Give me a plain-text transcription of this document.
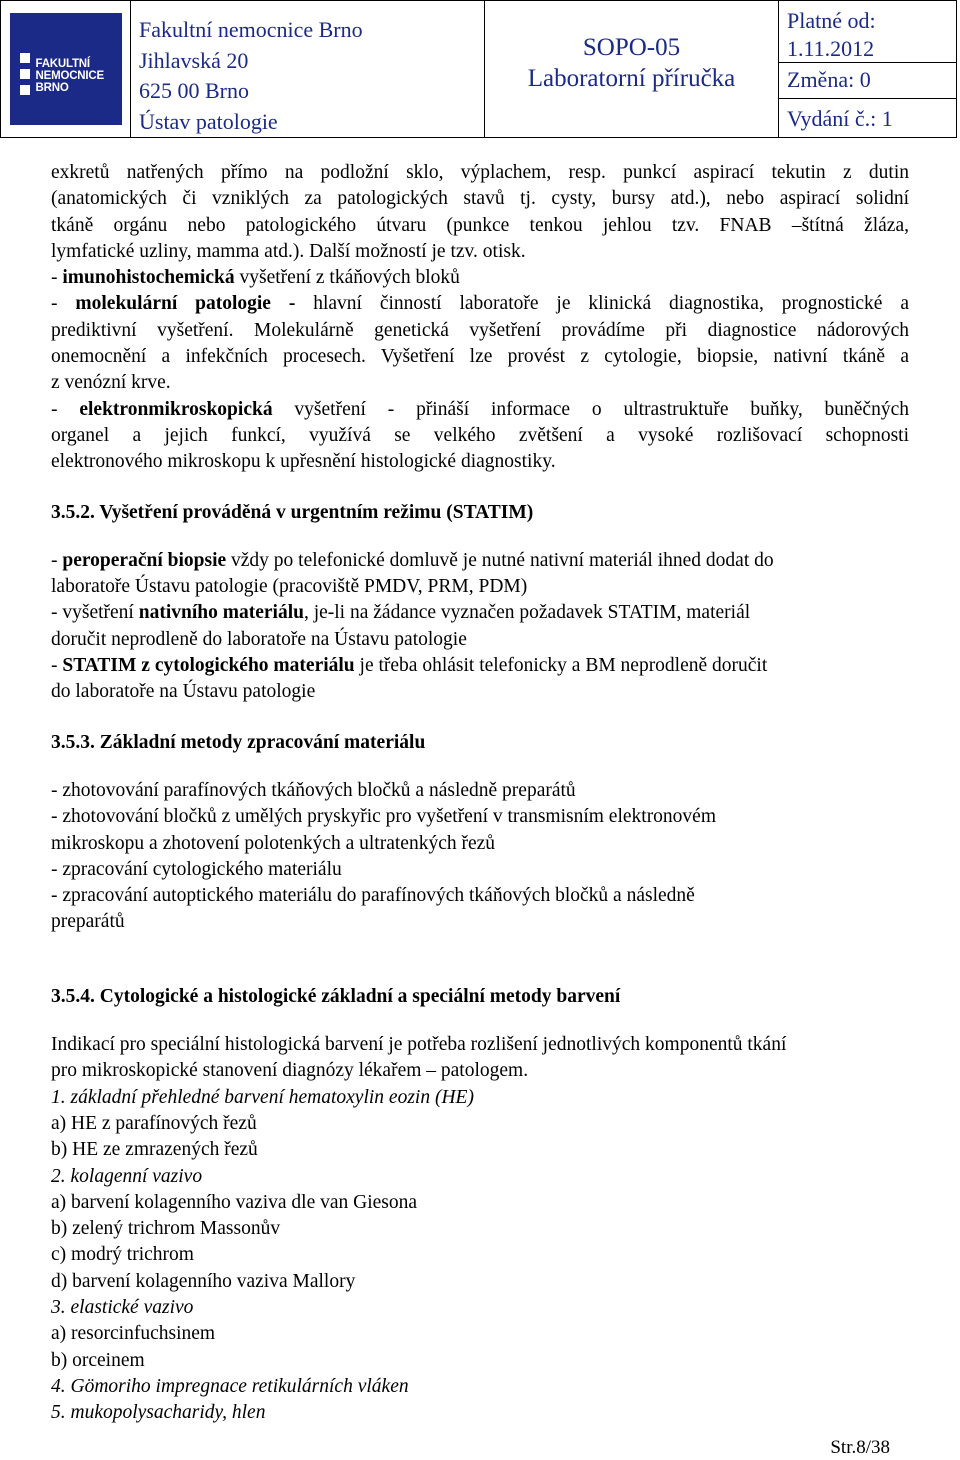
FAKULTNÍ
NEMOCNICE
BRNO
Fakultní nemocnice Brno
Jihlavská 20
625 00 Brno
Ústav patologie
SOPO-05
Laboratorní příručka
Platné od:
1.11.2012
Změna: 0
Vydání č.: 1
exkretů natřených přímo na podložní sklo, výplachem, resp. punkcí aspirací tekutin z dutin
(anatomických či vzniklých za patologických stavů tj. cysty, bursy atd.), nebo aspirací solidní
tkáně orgánu nebo patologického útvaru (punkce tenkou jehlou tzv. FNAB –štítná žláza,
lymfatické uzliny, mamma atd.). Další možností je tzv. otisk.
- imunohistochemická vyšetření z tkáňových bloků
- molekulární patologie - hlavní činností laboratoře je klinická diagnostika, prognostické a
prediktivní vyšetření. Molekulárně genetická vyšetření provádíme při diagnostice nádorových
onemocnění a infekčních procesech. Vyšetření lze provést z cytologie, biopsie, nativní tkáně a
z venózní krve.
- elektronmikroskopická vyšetření - přináší informace o ultrastruktuře buňky, buněčných
organel a jejich funkcí, využívá se velkého zvětšení a vysoké rozlišovací schopnosti
elektronového mikroskopu k upřesnění histologické diagnostiky.
3.5.2. Vyšetření prováděná v urgentním režimu (STATIM)
- peroperační biopsie vždy po telefonické domluvě je nutné nativní materiál ihned dodat do
laboratoře Ústavu patologie (pracoviště PMDV, PRM, PDM)
- vyšetření nativního materiálu, je-li na žádance vyznačen požadavek STATIM, materiál
doručit neprodleně do laboratoře na Ústavu patologie
- STATIM z cytologického materiálu je třeba ohlásit telefonicky a BM neprodleně doručit
do laboratoře na Ústavu patologie
3.5.3. Základní metody zpracování materiálu
- zhotovování parafínových tkáňových bločků a následně preparátů
- zhotovování bločků z umělých pryskyřic pro vyšetření v transmisním elektronovém
mikroskopu a zhotovení polotenkých a ultratenkých řezů
- zpracování cytologického materiálu
- zpracování autoptického materiálu do parafínových tkáňových bločků a následně
preparátů
3.5.4. Cytologické a histologické základní a speciální metody barvení
Indikací pro speciální histologická barvení je potřeba rozlišení jednotlivých komponentů tkání
pro mikroskopické stanovení diagnózy lékařem – patologem.
1. základní přehledné barvení hematoxylin eozin (HE)
a) HE z parafínových řezů
b) HE ze zmrazených řezů
2. kolagenní vazivo
a) barvení kolagenního vaziva dle van Giesona
b) zelený trichrom Massonův
c) modrý trichrom
d) barvení kolagenního vaziva Mallory
3. elastické vazivo
a) resorcinfuchsinem
b) orceinem
4. Gömoriho impregnace retikulárních vláken
5. mukopolysacharidy, hlen
Str.8/38
